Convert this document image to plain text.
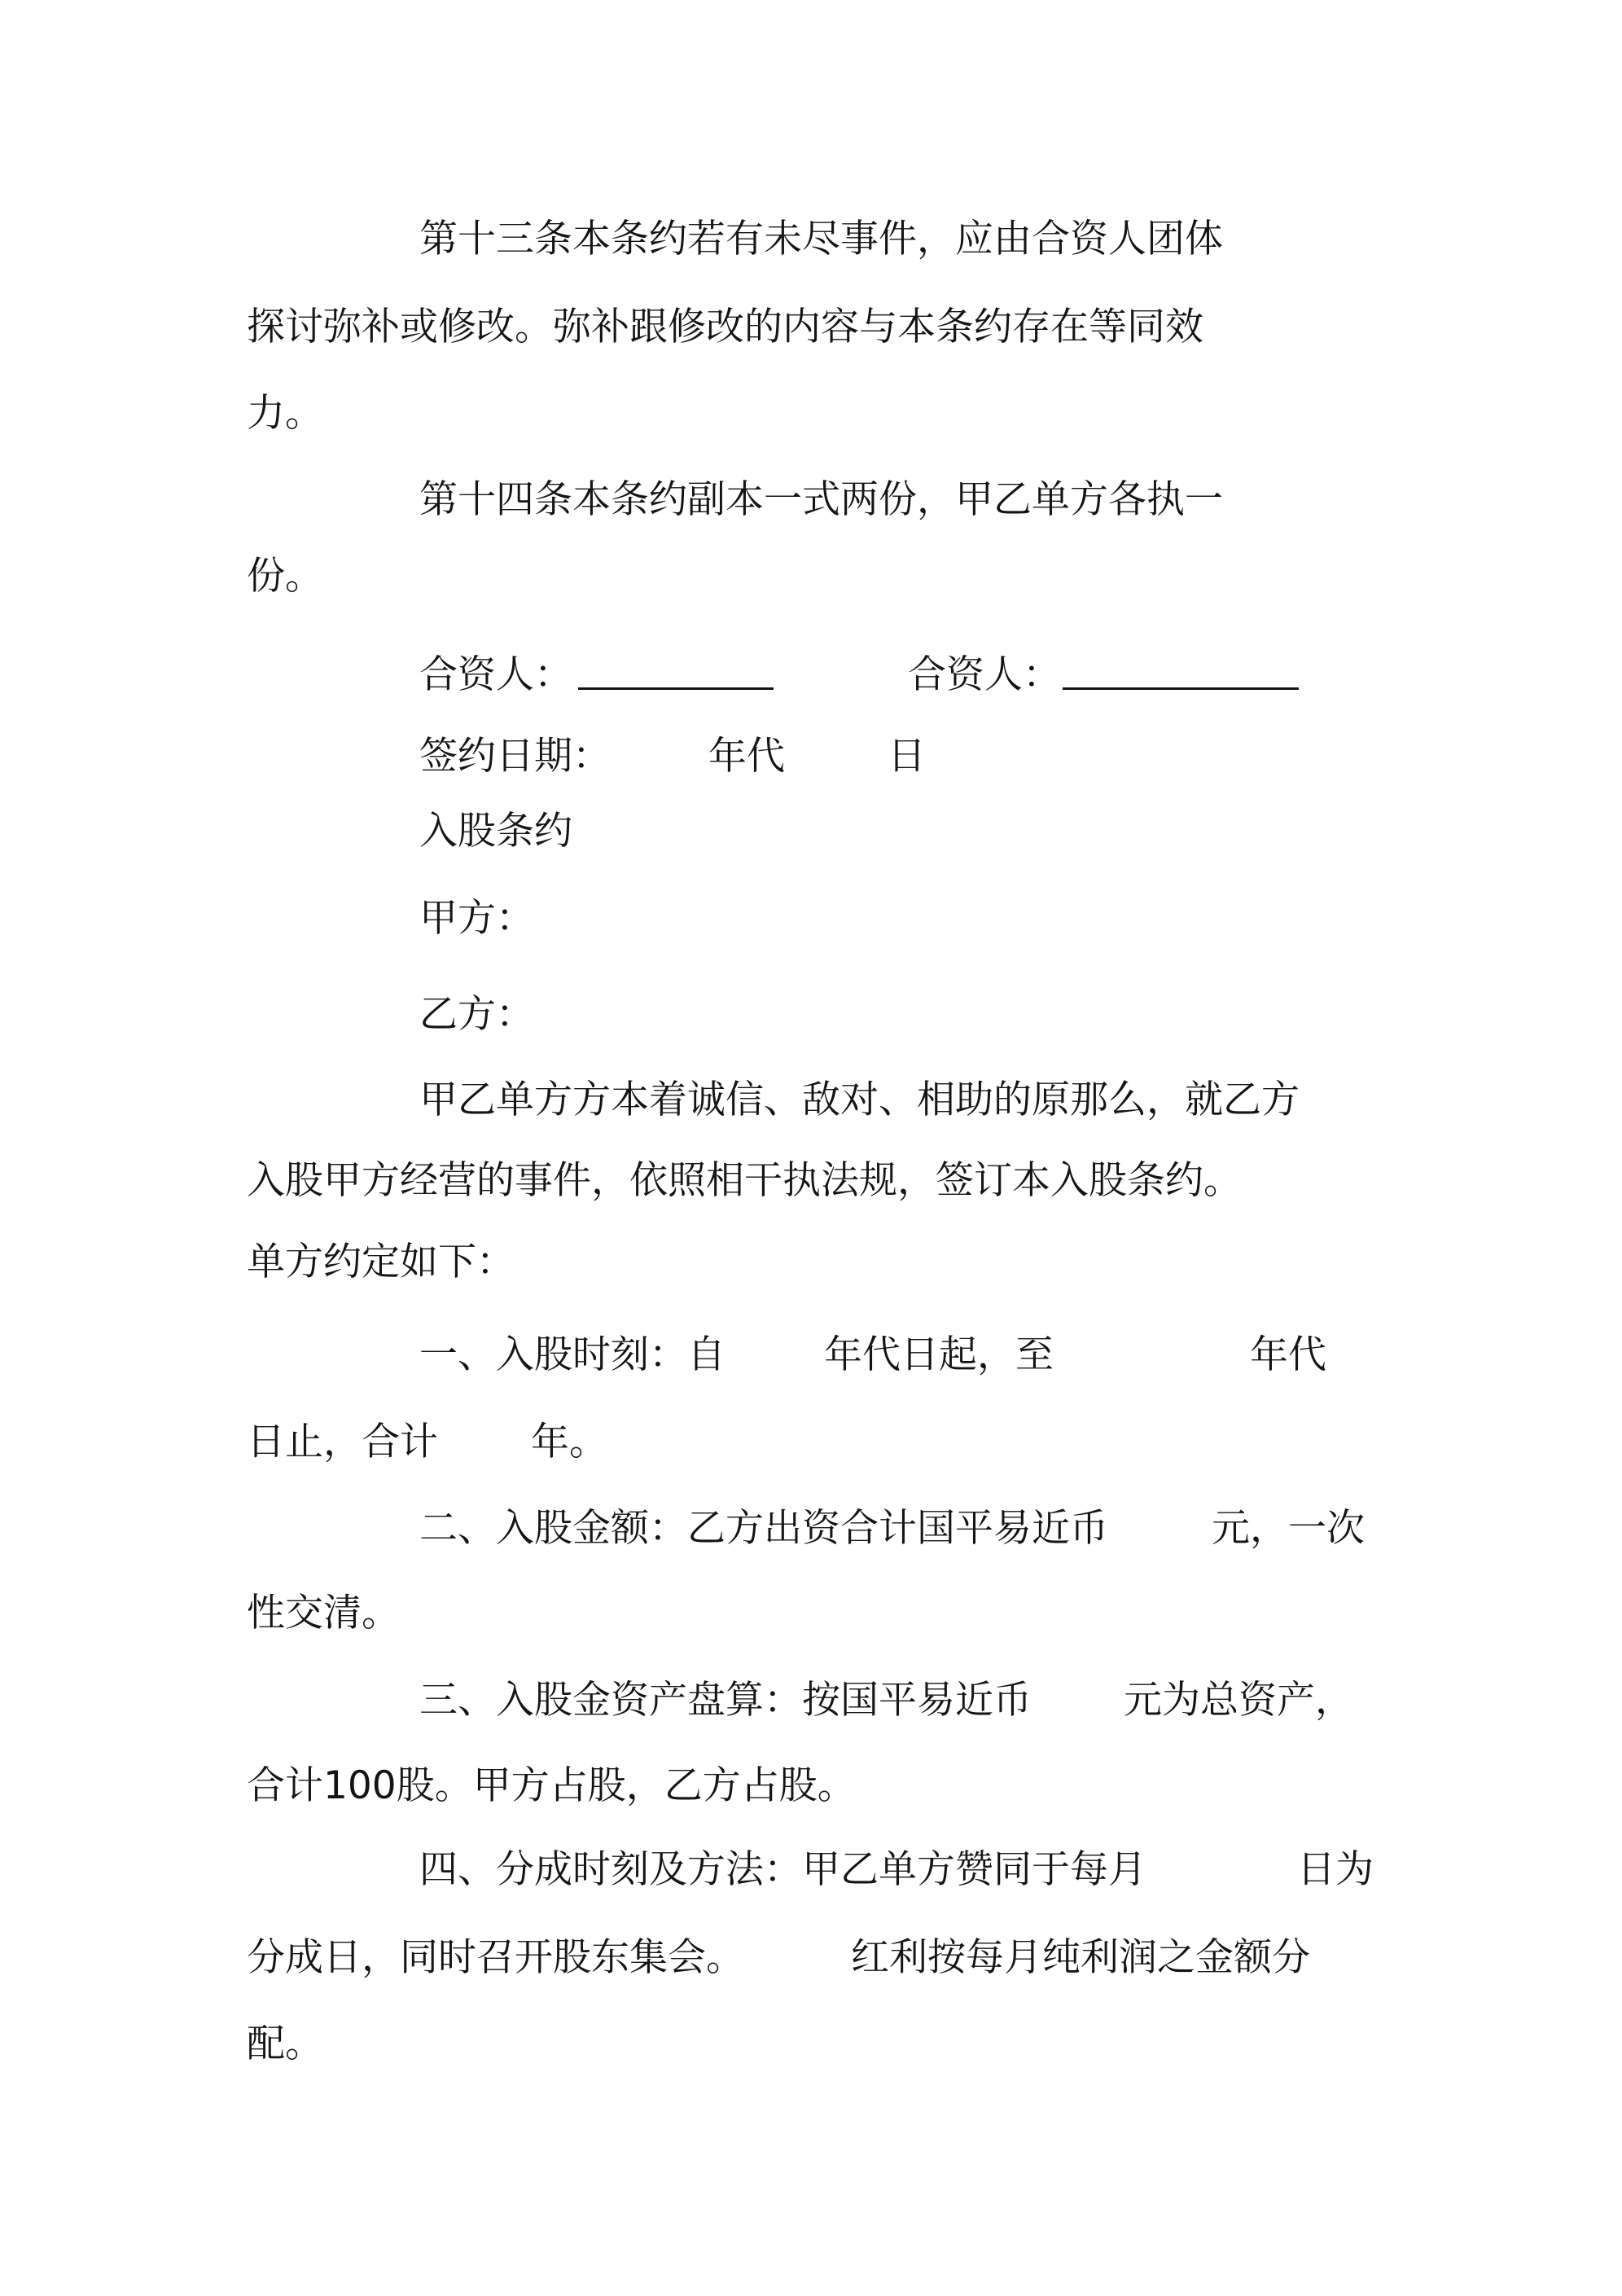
第十三条本条约若有未尽事件，应由合资人团体
探讨弥补或修改。弥补跟修改的内容与本条约存在等同效
力。
第十四条本条约副本一式两份，甲乙单方各执一
份。
合资人：	合资人：
签约日期：	年代	日
入股条约
甲方：
乙方：
甲乙单方方本着诚信、敌对、相助的原那么，就乙方
入股甲方经营的事件，依照相干执法规，签订本入股条约。
单方约定如下：
一、入股时刻：自	年代日起，至	年代
日止，合计 年。
二、入股金额：乙方出资合计国平易近币	元，一次
性交清。
三、入股金资产盘算：按国平易近币 元为总资产，
合计100股。甲方占股，乙方占股。
四、分成时刻及方法：甲乙单方赞同于每月	日为
分成日，同时召开股东集会。	红利按每月纯利润之金额分
配。
